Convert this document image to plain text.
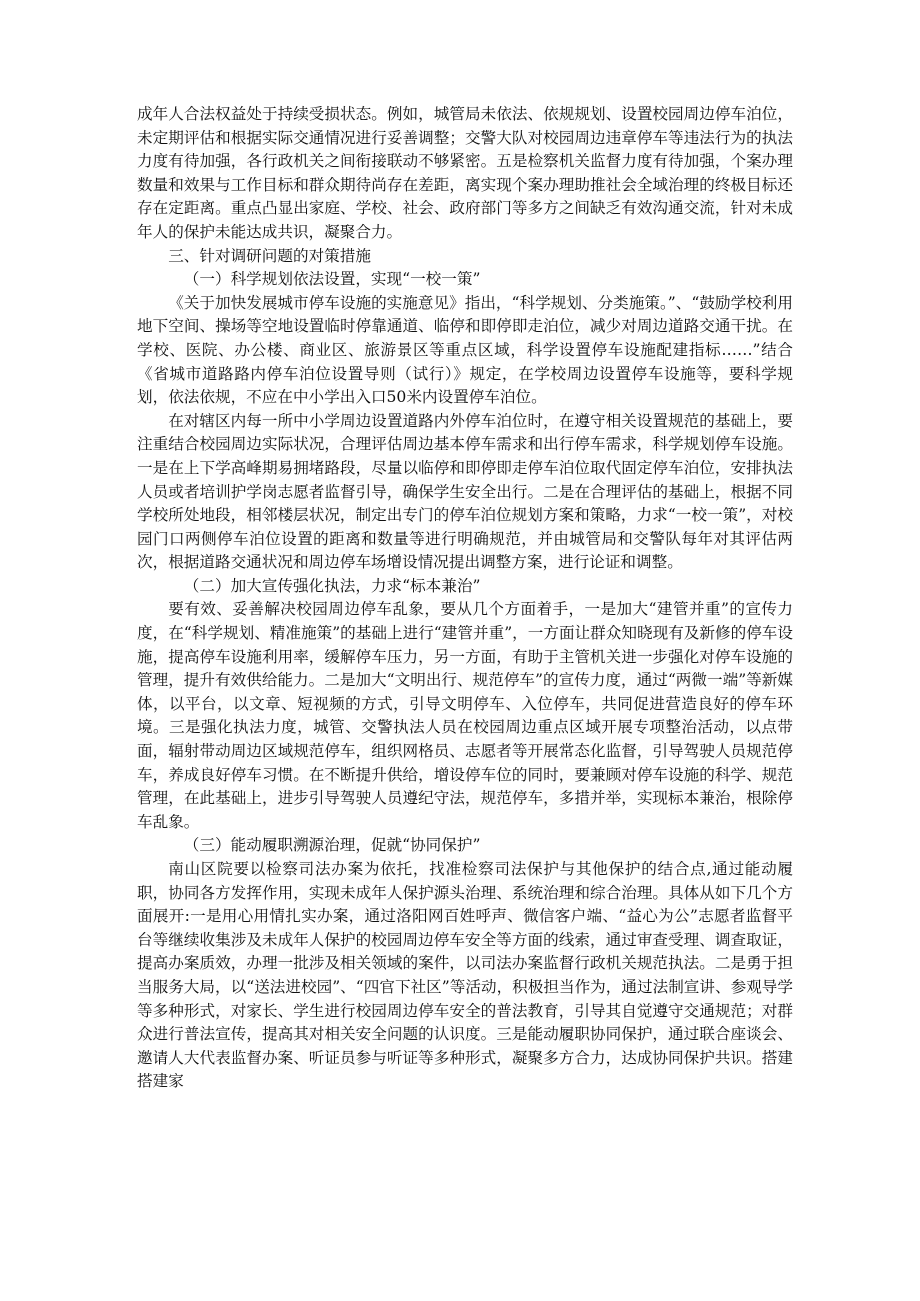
成年人合法权益处于持续受损状态。例如，城管局未依法、依规规划、设置校园周边停车泊位，未定期评估和根据实际交通情况进行妥善调整；交警大队对校园周边违章停车等违法行为的执法力度有待加强，各行政机关之间衔接联动不够紧密。五是检察机关监督力度有待加强，个案办理数量和效果与工作目标和群众期待尚存在差距，离实现个案办理助推社会全域治理的终极目标还存在定距离。重点凸显出家庭、学校、社会、政府部门等多方之间缺乏有效沟通交流，针对未成年人的保护未能达成共识，凝聚合力。

三、针对调研问题的对策措施

（一）科学规划依法设置，实现“一校一策”

《关于加快发展城市停车设施的实施意见》指出，“科学规划、分类施策。”、“鼓励学校利用地下空间、操场等空地设置临时停靠通道、临停和即停即走泊位，减少对周边道路交通干扰。在学校、医院、办公楼、商业区、旅游景区等重点区域，科学设置停车设施配建指标……”结合《省城市道路路内停车泊位设置导则（试行）》规定，在学校周边设置停车设施等，要科学规划，依法依规，不应在中小学出入口50米内设置停车泊位。

在对辖区内每一所中小学周边设置道路内外停车泊位时，在遵守相关设置规范的基础上，要注重结合校园周边实际状况，合理评估周边基本停车需求和出行停车需求，科学规划停车设施。一是在上下学高峰期易拥堵路段，尽量以临停和即停即走停车泊位取代固定停车泊位，安排执法人员或者培训护学岗志愿者监督引导，确保学生安全出行。二是在合理评估的基础上，根据不同学校所处地段，相邻楼层状况，制定出专门的停车泊位规划方案和策略，力求“一校一策”，对校园门口两侧停车泊位设置的距离和数量等进行明确规范，并由城管局和交警队每年对其评估两次，根据道路交通状况和周边停车场增设情况提出调整方案，进行论证和调整。

（二）加大宣传强化执法，力求“标本兼治”

要有效、妥善解决校园周边停车乱象，要从几个方面着手，一是加大“建管并重”的宣传力度，在“科学规划、精准施策”的基础上进行“建管并重”，一方面让群众知晓现有及新修的停车设施，提高停车设施利用率，缓解停车压力，另一方面，有助于主管机关进一步强化对停车设施的管理，提升有效供给能力。二是加大“文明出行、规范停车”的宣传力度，通过“两微一端”等新媒体，以平台，以文章、短视频的方式，引导文明停车、入位停车，共同促进营造良好的停车环境。三是强化执法力度，城管、交警执法人员在校园周边重点区域开展专项整治活动，以点带面，辐射带动周边区域规范停车，组织网格员、志愿者等开展常态化监督，引导驾驶人员规范停车，养成良好停车习惯。在不断提升供给，增设停车位的同时，要兼顾对停车设施的科学、规范管理，在此基础上，进步引导驾驶人员遵纪守法，规范停车，多措并举，实现标本兼治，根除停车乱象。

（三）能动履职溯源治理，促就“协同保护”

南山区院要以检察司法办案为依托，找准检察司法保护与其他保护的结合点,通过能动履职，协同各方发挥作用，实现未成年人保护源头治理、系统治理和综合治理。具体从如下几个方面展开:一是用心用情扎实办案，通过洛阳网百姓呼声、微信客户端、“益心为公”志愿者监督平台等继续收集涉及未成年人保护的校园周边停车安全等方面的线索，通过审查受理、调查取证，提高办案质效，办理一批涉及相关领域的案件，以司法办案监督行政机关规范执法。二是勇于担当服务大局，以“送法进校园”、“四官下社区”等活动，积极担当作为，通过法制宣讲、参观导学等多种形式，对家长、学生进行校园周边停车安全的普法教育，引导其自觉遵守交通规范；对群众进行普法宣传，提高其对相关安全问题的认识度。三是能动履职协同保护，通过联合座谈会、邀请人大代表监督办案、听证员参与听证等多种形式，凝聚多方合力，达成协同保护共识。搭建搭建家
